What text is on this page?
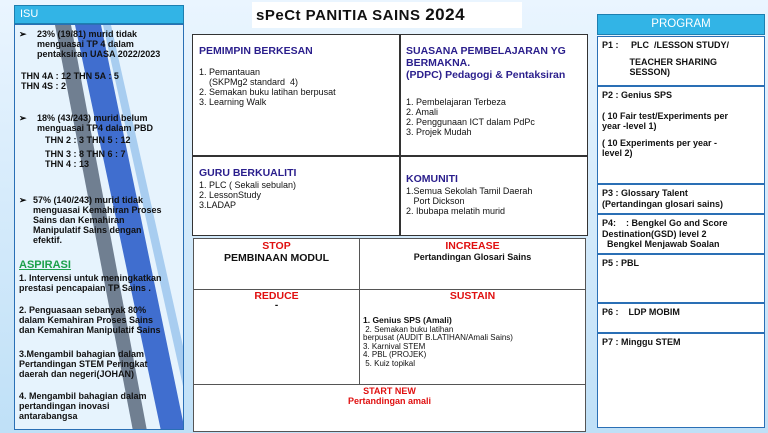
ISU
➢ 23% (19/81) murid tidak
menguasai TP 4 dalam
pentaksiran UASA 2022/2023
THN 4A : 12 THN 5A : 5
THN 4S : 2
➢ 18% (43/243) murid belum
menguasai TP4 dalam PBD
THN 2 : 3 THN 5 : 12
THN 3 : 8 THN 6 : 7
THN 4 : 13
➢ 57% (140/243) murid tidak
menguasai Kemahiran Proses
Sains dan Kemahiran
Manipulatif Sains dengan
efektif.
ASPIRASI
1. Intervensi untuk meningkatkan
prestasi pencapaian TP Sains .
2. Penguasaan sebanyak 80%
dalam Kemahiran Proses Sains
dan Kemahiran Manipulatif Sains
3.Mengambil bahagian dalam
Pertandingan STEM Peringkat
daerah dan negeri(JOHAN)
4. Mengambil bahagian dalam
pertandingan inovasi
antarabangsa
sPeCt PANITIA SAINS 2024
PEMIMPIN BERKESAN
1. Pemantauan
(SKPMg2 standard  4)
2. Semakan buku latihan berpusat
3. Learning Walk
SUASANA PEMBELAJARAN YG
BERMAKNA.
(PDPC) Pedagogi & Pentaksiran
1. Pembelajaran Terbeza
2. Amali
2. Penggunaan ICT dalam PdPc
3. Projek Mudah
GURU BERKUALITI
1. PLC ( Sekali sebulan)
2. LessonStudy
3.LADAP
KOMUNITI
1.Semua Sekolah Tamil Daerah
Port Dickson
2. Ibubapa melatih murid
STOP
PEMBINAAN MODUL
INCREASE
Pertandingan Glosari Sains
REDUCE
-
SUSTAIN
1. Genius SPS (Amali)
2. Semakan buku latihan
berpusat (AUDIT B.LATIHAN/Amali Sains)
3. Karnival STEM
4. PBL (PROJEK)
5. Kuiz topikal
START NEW
Pertandingan amali
PROGRAM
P1 :     PLC  /LESSON STUDY/
TEACHER SHARING
SESSON)
P2 : Genius SPS
( 10 Fair test/Experiments per
year -level 1)
( 10 Experiments per year -
level 2)
P3 : Glossary Talent
(Pertandingan glosari sains)
P4:    : Bengkel Go and Score
Destination(GSD) level 2
Bengkel Menjawab Soalan
P5 : PBL
P6 :    LDP MOBIM
P7 : Minggu STEM
